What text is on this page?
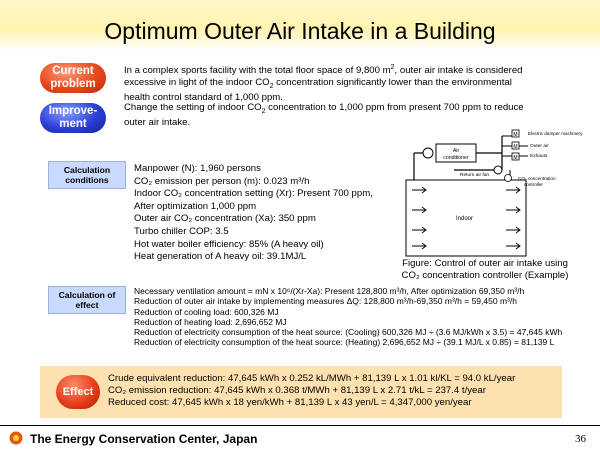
Optimum Outer Air Intake in a Building
Current
problem
In a complex sports facility with the total floor space of 9,800 $m^2$, outer air intake is considered excessive in light of the indoor $CO_2$ concentration significantly lower than the environmental health control standard of 1,000 ppm.
Improve-
ment
Change the setting of indoor $CO_2$ concentration to 1,000 ppm from present 700 ppm to reduce outer air intake.
Calculation
conditions
Manpower (N): 1,960 persons
CO₂ emission per person (m): 0.023 m³/h
Indoor CO₂ concentration setting (Xr): Present 700 ppm,
After optimization 1,000 ppm
Outer air CO₂ concentration (Xa): 350 ppm
Turbo chiller COP: 3.5
Hot water boiler efficiency: 85% (A heavy oil)
Heat generation of A heavy oil: 39.1MJ/L
Air
conditioner
Return air fan
M
M
M
Electric damper machinery
Outer air
Exhaust
CO₂ concentration
controller
Indoor
Figure: Control of outer air intake using
CO₂ concentration controller (Example)
Calculation of
effect
Necessary ventilation amount = mN x 10⁶/(Xr-Xa): Present 128,800 m³/h, After optimization 69,350 m³/h
Reduction of outer air intake by implementing measures ΔQ: 128,800 m³/h-69,350 m³/h = 59,450 m³/h
Reduction of cooling load: 600,326 MJ
Reduction of heating load: 2,696,652 MJ
Reduction of electricity consumption of the heat source: (Cooling) 600,326 MJ ÷ (3.6 MJ/kWh x 3.5) = 47,645 kWh
Reduction of electricity consumption of the heat source: (Heating) 2,696,652 MJ ÷ (39.1 MJ/L x 0.85) = 81,139 L
Effect
Crude equivalent reduction: 47,645 kWh x 0.252 kL/MWh + 81,139 L x 1.01 kl/KL = 94.0 kL/year
CO₂ emission reduction: 47,645 kWh x 0.368 t/MWh + 81,139 L x 2.71 t/kL = 237.4 t/year
Reduced cost: 47,645 kWh x 18 yen/kWh + 81,139 L x 43 yen/L = 4,347,000 yen/year
The Energy Conservation Center, Japan	36
